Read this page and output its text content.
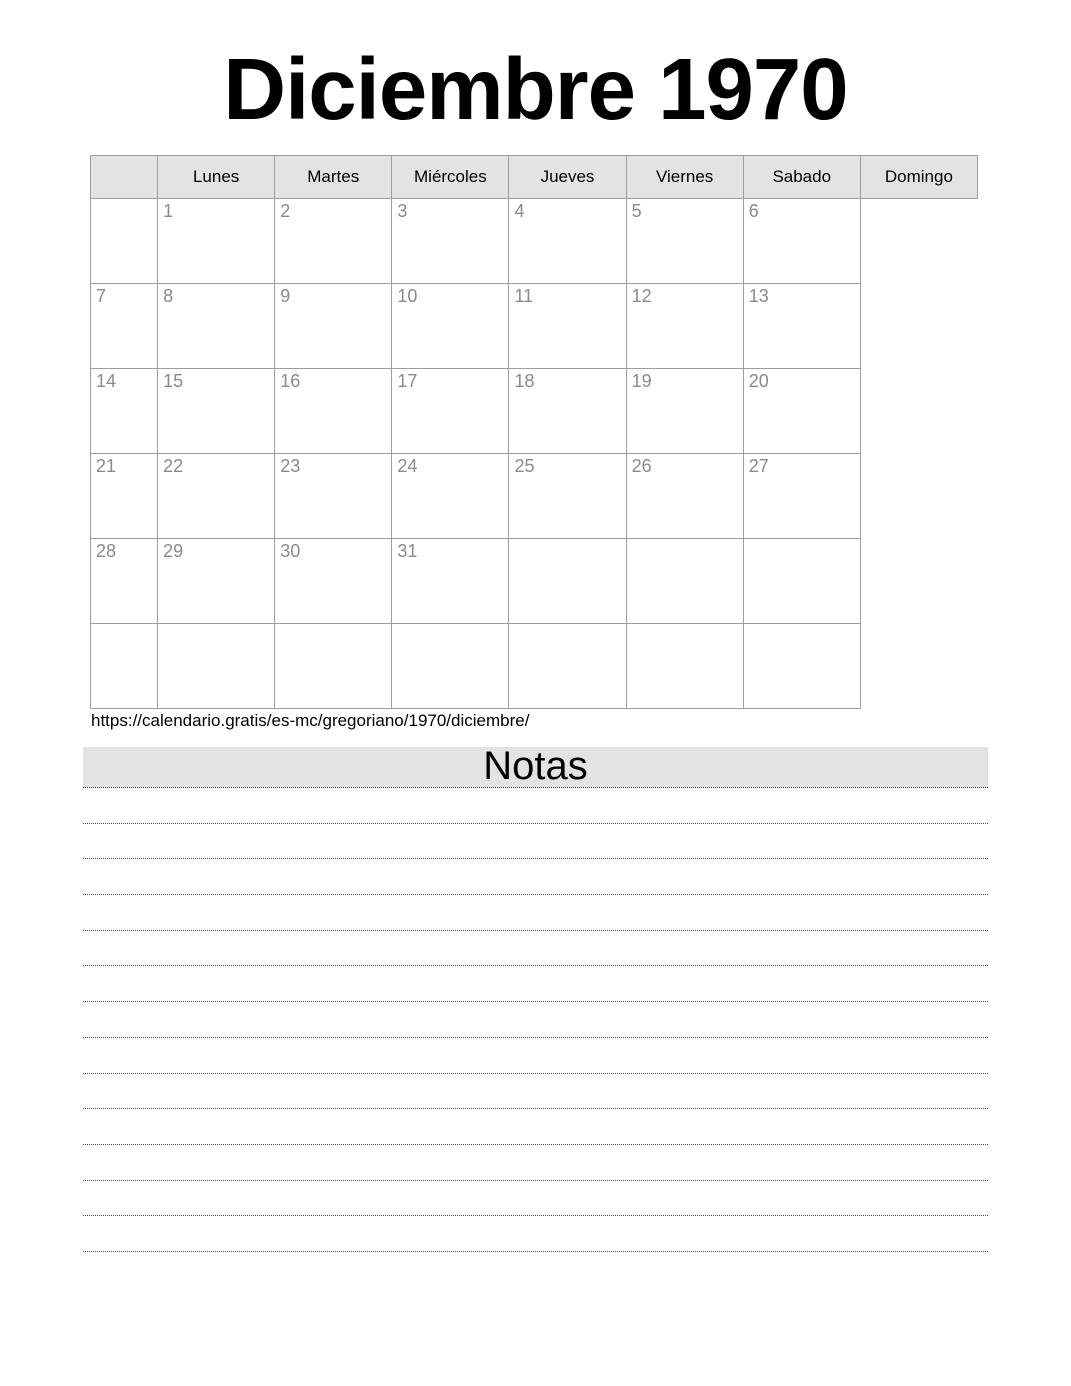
Diciembre 1970
	Lunes	Martes	Miércoles	Jueves	Viernes	Sabado	Domingo
	1	2	3	4	5	6	
7	8	9	10	11	12	13	
14	15	16	17	18	19	20	
21	22	23	24	25	26	27	
28	29	30	31				

https://calendario.gratis/es-mc/gregoriano/1970/diciembre/
Notas
